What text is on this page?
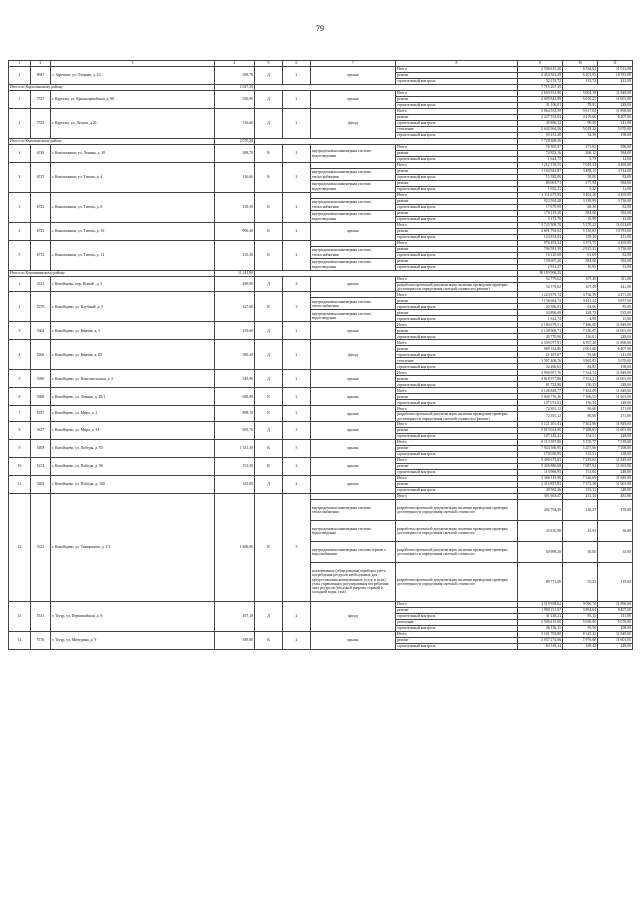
79
1	2	3	4	5	6	7	8	9	10	11
2	8947	с. Заречное, ул. Озерная, д. 23	389,70	Д	2	крыша	Итого	2 506 615,20	6 554,61	11 012,00
							ремонт	2 454 361,49	6 201,95	10 781,00
							строительный контроль	52 153,72	133,72	231,00
Итого по Карталинскому району			1 047,30					7 715 267,49		
1	7317	г. Карталы, ул. Красноармейская, д. 80	530,90	Д	2	крыша	Итого	2 650 931,90	5 003,18	11 849,00
							ремонт	2 609 845,89	5 010,23	11 601,00
							строительный контроль	41 106,01	78,91	248,00
2	7333	г. Карталы, ул. Лесная, д.26	516,60	Д	2	фасад	Итого	5 064 535,59	9 617,04	11 896,00
							ремонт	2 327 533,63	4 419,66	6 407,00
							строительный контроль	45 866,12	90,58	141,00
							утепление	2 642 964,56	5 018,22	5 070,00
							строительный контроль	59 231,20	34,58	198,00
Итого по Кыштымскому району			2 070,30					7 728 308,56		
1	6749	г. Коношминск, ул. Ленина, д. 18	388,70	К	2	внутридомовая инженерная система водоотведения	Итого	76 505,97	271,92	596,00
							ремонт	74 853,16	266,12	584,00
							строительный контроль	1 644,75	5,79	12,00
2	6727	г. Коношминск, ул. Титова, д. 4	316,60	К	2		Итого	1 212 139,55	7 029,34	4 465,00
						внутридомовая инженерная система теплоснабжения	ремонт	1 194 943,87	3 488,13	3 744,00
							строительный контроль	15 382,00	50,00	82,00
						внутридомовая инженерная система водоотведения	ремонт	80 001,71	277,94	584,00
							строительный контроль	1 652,21	5,22	12,00
3	6722	г. Коношминск, ул. Титова, д. 8	239,50	К	2		Итого	1 111 675,95	3 461,26	4 465,00
						внутридомовая инженерная система теплоснабжения	ремонт	923 504,48	3 139,99	3 736,00
							строительный контроль	17 679,99	60,30	82,00
						внутридомовая инженерная система водоотведения	ремонт	170 119,20	584,00	584,00
							строительный контроль	3 172,76	10,99	12,00
4	6723	г. Коношминск, ул. Титова, д. 10	900,40	К	2	крыша	Итого	4 745 508,70	5 270,22	11 012,00
							ремонт	4 601 794,04	5 110,83	10 781,00
							строительный контроль	143 814,63	159,38	231,00
5	6733	г. Коношминск, ул. Титова, д. 12	235,50	К	2		Итого	976 103,34	3 371,75	4 465,00
						внутридомовая инженерная система теплоснабжения	ремонт	796 581,39	2 915,31	3 736,00
							строительный контроль	16 120,60	61,69	82,00
						внутридомовая инженерная система водоотведения	ремонт	159 607,20	584,00	584,00
							строительный контроль	2 931,27	10,95	12,00
Итого по Коношминскому району			11 141,80					38 159 906,35		
1	5313	г. Копейщево, пер. Новый , д. 3	490,00	Д	3	крыша	Итого	52 779,62	107,49	311,00
							разработка проектной документации, включая проведение проверки достоверности определения сметной стоимости (ремонт)	52 779,62	107,49	241,00
2	5579	г. Копейщево, ул. Клубный, д. 5	327,60	К	3		Итого	1 223 879,74	3 736,59	4 471,00
						внутридомовая инженерная система теплоснабжения	ремонт	1 136 664,73	3 441,24	3 837,00
							строительный контроль	20 386,81	62,06	85,00
						внутридомовая инженерная система водоотведения	ремонт	34 896,08	228,73	535,00
							строительный контроль	1 632,74	4,98	15,00
3	5304	г. Копейщево, ул. Кирова, д. 5	259,60	Д	2	крыша	Итого	2 184 679,51	7 486,08	11 849,00
							ремонт	2 138 908,71	7 330,07	11 601,00
							строительный контроль	45 770,90	156,01	248,00
4	5406	г. Копейщево, ул. Кирова, д. 85	380,20	Д	2	фасад	Итого	2 539 077,91	6 707,20	11 896,00
							ремонт	989 332,86	2 601,66	6 407,00
							строительный контроль	21 167,87	55,68	141,00
							утепление	1 507 406,76	3 965,05	5 070,00
							строительный контроль	32 260,63	84,85	198,00
5	5390	г. Копейщево, ул. Комсомольская, д. 2	549,90	Д	2	крыша	Итого	3 900 957,76	7 314,74	11 849,00
							ремонт	3 818 977,86	7 154,21	11 601,00
							строительный контроль	81 733,90	150,53	248,00
6	5608	г. Копейщево, ул. Ленина, д. 28/1	689,90	К	2	крыша	Итого	5 148 848,77	7 463,09	11 849,00
							ремонт	5 040 776,16	7 306,53	11 601,00
							строительный контроль	107 072,61	156,54	248,00
7	5437	г. Копейщево, ул. Мира, д. 2	898,10	К	2	крыша	Итого	72 391,12	80,60	271,00
							разработка проектной документации, включая проведение проверки достоверности определения сметной стоимости (ремонт)	72 391,12	80,60	271,00
8	5637	г. Копейщево, ул. Мира, д. 34	695,70	Д	3	крыша	Итого	5 121 301,41	7 361,06	11 849,00
							ремонт	5 015 024,00	7 208,65	11 601,00
							строительный контроль	107 245,41	154,21	248,00
9	5493	г. Копейщево, ул. Победы, д. 85	1 511,30	К	5	крыша	Итого	8 113 597,80	5 370,77	7 539,00
							ремонт	7 943 566,95	5 257,66	7 298,00
							строительный контроль	170 030,85	112,51	238,00
10	5474	г. Копейщево, ул. Победы, д. 86	761,50	К	2	крыша	Итого	5 400 673,63	7 219,62	11 849,00
							ремонт	5 326 886,68	7 087,94	11 601,00
							строительный контроль	113 966,95	151,64	248,00
11	5483	г. Копейщево, ул. Победы, д. 100	325,00	Д	2	крыша	Итого	2 366 119,98	7 326,69	11 849,00
							ремонт	2 316 857,83	7 173,38	11 601,00
							строительный контроль	49 582,46	153,31	248,00
12	5331	г. Копейщево, ул. Тимирязева, д. 1/3	1 686,80	К	5		Итого	391 663,47	231,33	481,00
						внутридомовая инженерная система теплоснабжения	разработка проектной документации, включая проведение проверки достоверности определения сметной стоимости	202 794,29	120,17	176,00
						внутридомовая инженерная система водоотведения	разработка проектной документации, включая проведение проверки достоверности определения сметной стоимости	43 810,98	25,94	36,00
						внутридомовая инженерная система горячего водоснабжения	разработка проектной документации, включая проведение проверки достоверности определения сметной стоимости	50 998,20	30,00	35,00
						коллективные (общедомовые) приборы учета потребления ресурсов необходимых для предоставления коммунальных услуг, и (или) узлы управления и регулирования потребления этих ресурсов (тепловой энергии, горячей и холодной воды, газа)	разработка проектной документации, включая проведение проверки достоверности определения сметной стоимости	89 771,00	55,33	119,00
13	5311	г. Тогур, ул. Первомайская, д. 8	497,10	Д	2	фасад	Итого	4 519 958,62	9 090,74	11 896,00
							ремонт	1 980 151,67	3 884,64	6 407,00
							строительный контроль	41 238,21	83,15	141,00
							утепление	2 500 415,00	5 030,00	5 070,00
							строительный контроль	46 156,15	95,58	198,00
14	5716	г. Тогур, ул. Мичурина, д. 9	389,80	К	2	крыша	Итого	3 101 793,80	8 145,42	11 849,00
							ремонт	3 037 274,66	7 976,00	11 601,00
							строительный контроль	64 518,14	169,42	248,00
